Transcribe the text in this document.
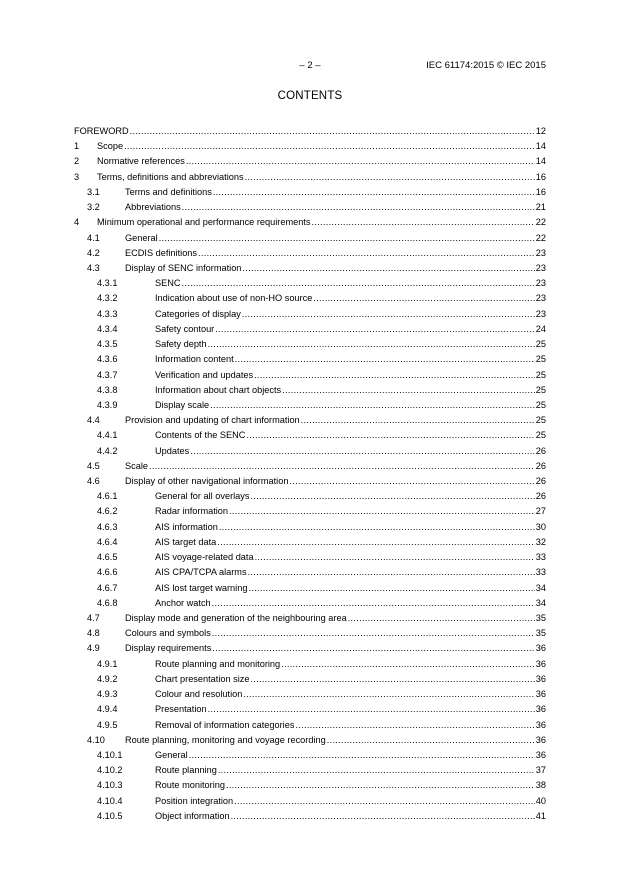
– 2 –	IEC 61174:2015 © IEC 2015
CONTENTS
FOREWORD .....	12
1 Scope .....	14
2 Normative references .....	14
3 Terms, definitions and abbreviations .....	16
3.1	Terms and definitions .....	16
3.2	Abbreviations .....	21
4 Minimum operational and performance requirements .....	22
4.1	General .....	22
4.2	ECDIS definitions .....	23
4.3	Display of SENC information .....	23
4.3.1	SENC .....	23
4.3.2	Indication about use of non-HO source .....	23
4.3.3	Categories of display .....	23
4.3.4	Safety contour .....	24
4.3.5	Safety depth .....	25
4.3.6	Information content .....	25
4.3.7	Verification and updates .....	25
4.3.8	Information about chart objects .....	25
4.3.9	Display scale .....	25
4.4	Provision and updating of chart information .....	25
4.4.1	Contents of the SENC .....	25
4.4.2	Updates .....	26
4.5	Scale .....	26
4.6	Display of other navigational information .....	26
4.6.1	General for all overlays .....	26
4.6.2	Radar information .....	27
4.6.3	AIS information .....	30
4.6.4	AIS target data .....	32
4.6.5	AIS voyage-related data .....	33
4.6.6	AIS CPA/TCPA alarms .....	33
4.6.7	AIS lost target warning .....	34
4.6.8	Anchor watch .....	34
4.7	Display mode and generation of the neighbouring area .....	35
4.8	Colours and symbols .....	35
4.9	Display requirements .....	36
4.9.1	Route planning and monitoring .....	36
4.9.2	Chart presentation size .....	36
4.9.3	Colour and resolution .....	36
4.9.4	Presentation .....	36
4.9.5	Removal of information categories .....	36
4.10 Route planning, monitoring and voyage recording .....	36
4.10.1	General .....	36
4.10.2	Route planning .....	37
4.10.3	Route monitoring .....	38
4.10.4	Position integration .....	40
4.10.5	Object information .....	41
